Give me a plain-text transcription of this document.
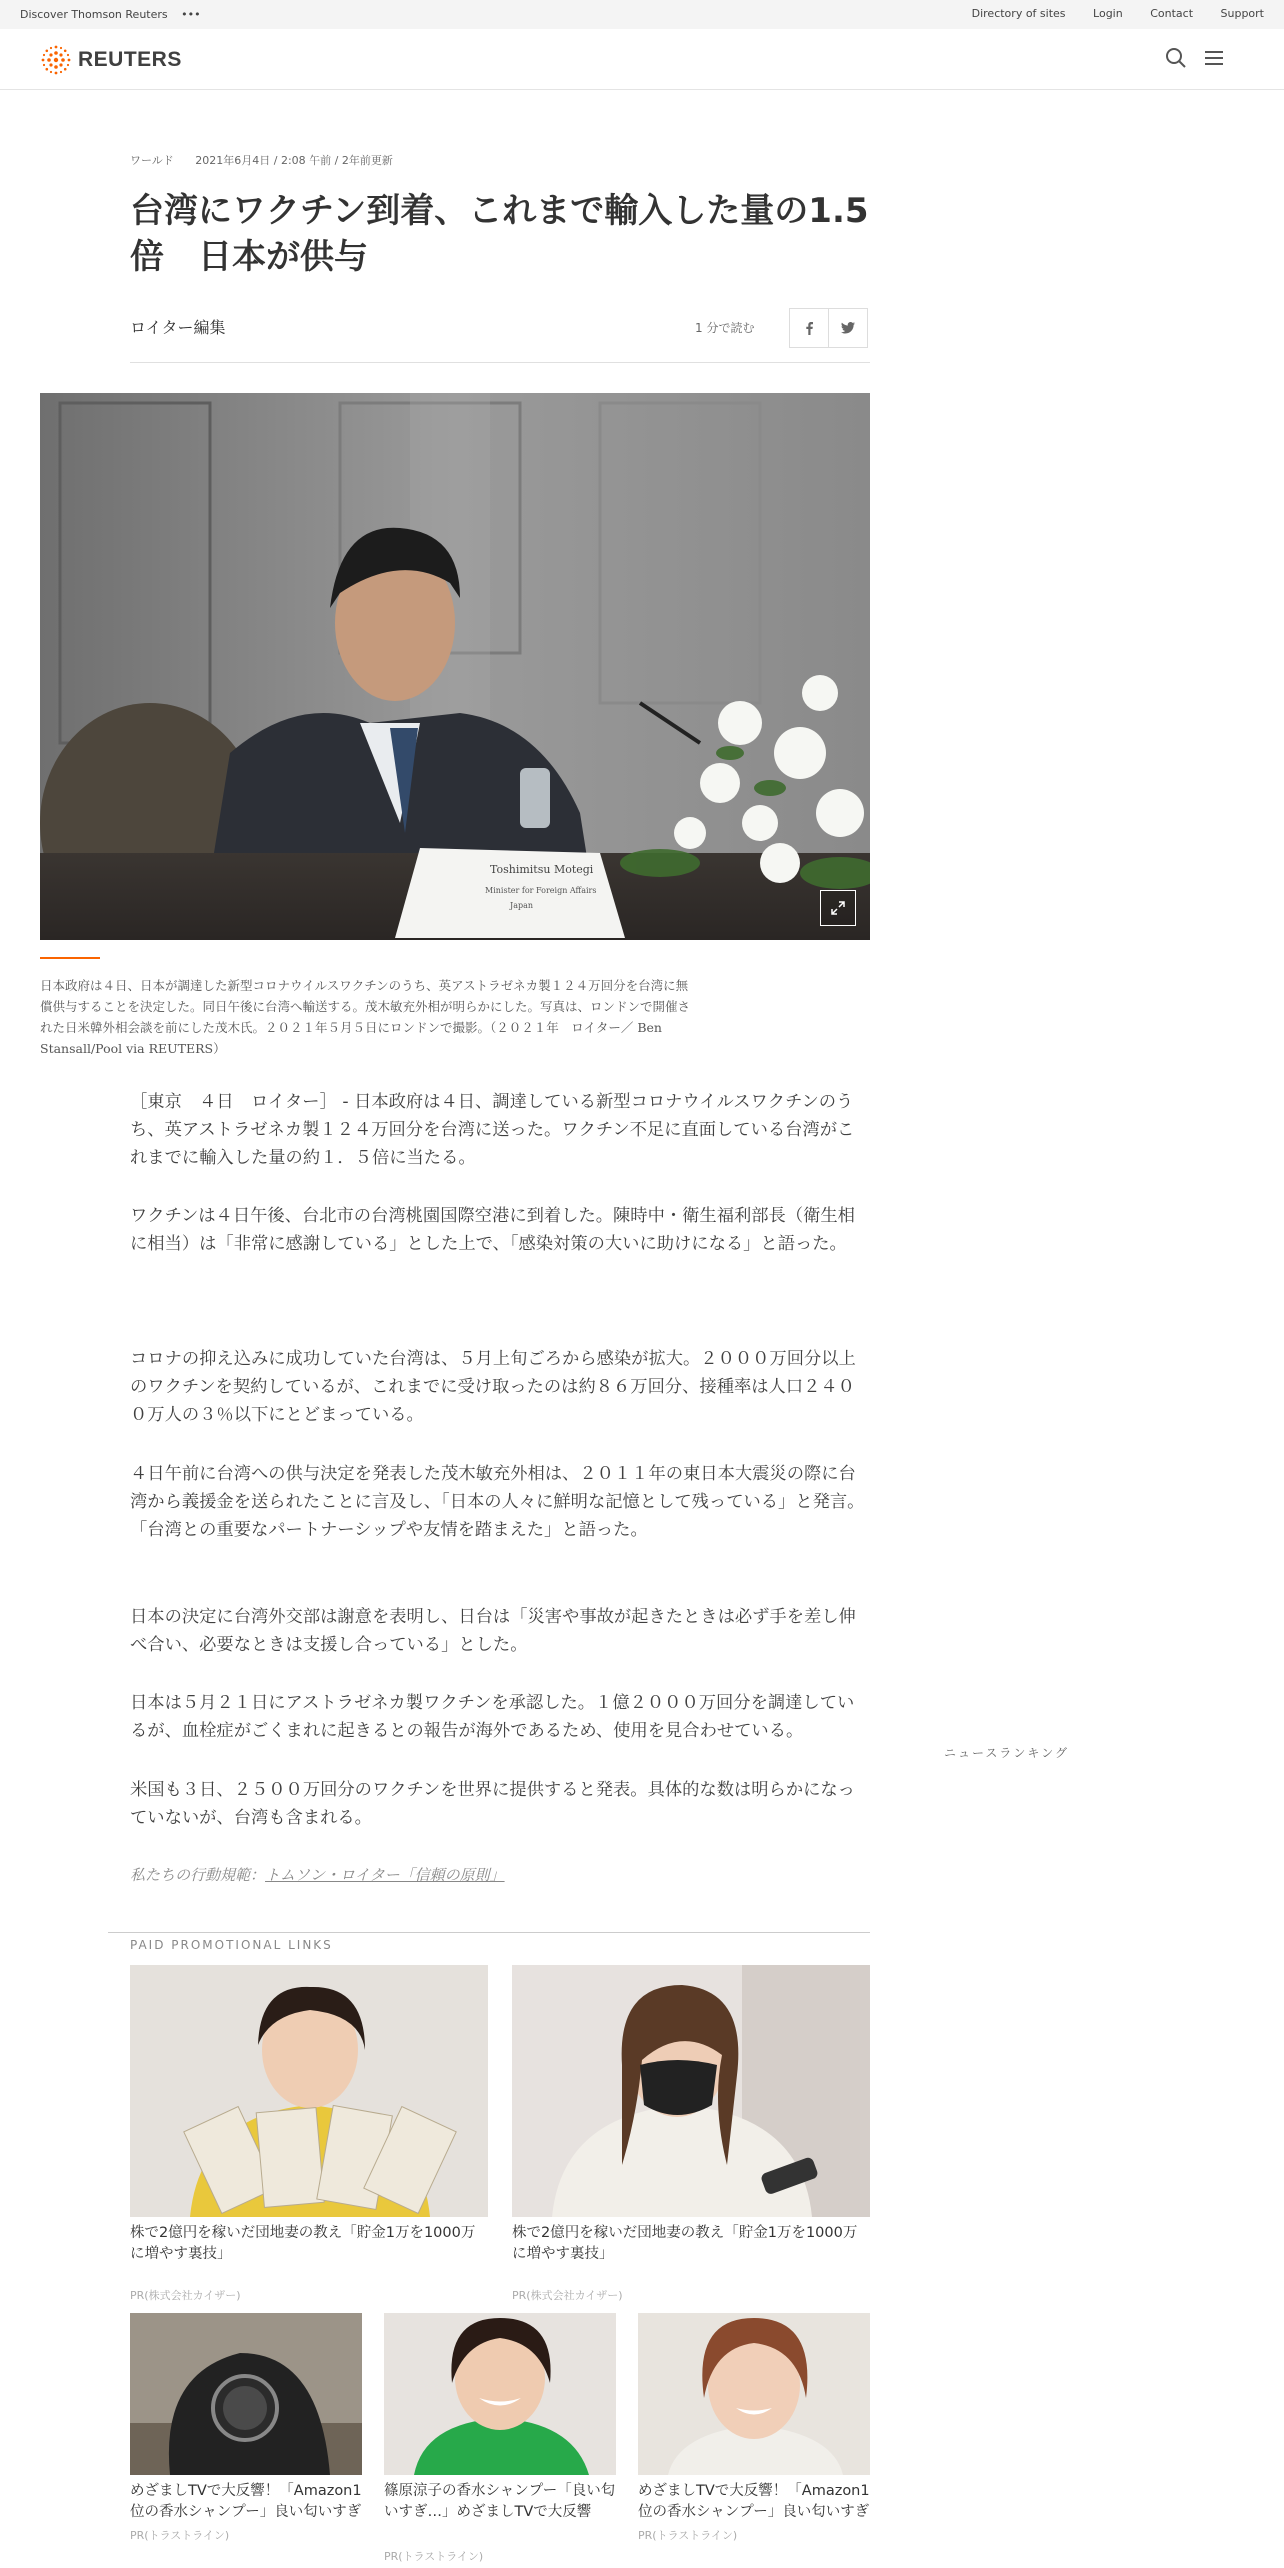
Discover Thomson Reuters •••	Directory of sites	Login	Contact	Support
REUTERS
ワールド 2021年6月4日 / 2:08 午前 / 2年前更新
台湾にワクチン到着、これまで輸入した量の1.5倍　日本が供与
ロイター編集	1 分で読む
Toshimitsu Motegi
Minister for Foreign Affairs
Japan
日本政府は４日、日本が調達した新型コロナウイルスワクチンのうち、英アストラゼネカ製１２４万回分を台湾に無償供与することを決定した。同日午後に台湾へ輸送する。茂木敏充外相が明らかにした。写真は、ロンドンで開催された日米韓外相会談を前にした茂木氏。２０２１年５月５日にロンドンで撮影。（２０２１年　ロイター／ Ben Stansall/Pool via REUTERS）

［東京　４日　ロイター］ - 日本政府は４日、調達している新型コロナウイルスワクチンのうち、英アストラゼネカ製１２４万回分を台湾に送った。ワクチン不足に直面している台湾がこれまでに輸入した量の約１．５倍に当たる。

ワクチンは４日午後、台北市の台湾桃園国際空港に到着した。陳時中・衛生福利部長（衛生相に相当）は「非常に感謝している」とした上で、「感染対策の大いに助けになる」と語った。

コロナの抑え込みに成功していた台湾は、５月上旬ごろから感染が拡大。２０００万回分以上のワクチンを契約しているが、これまでに受け取ったのは約８６万回分、接種率は人口２４００万人の３％以下にとどまっている。

４日午前に台湾への供与決定を発表した茂木敏充外相は、２０１１年の東日本大震災の際に台湾から義援金を送られたことに言及し、「日本の人々に鮮明な記憶として残っている」と発言。「台湾との重要なパートナーシップや友情を踏まえた」と語った。

日本の決定に台湾外交部は謝意を表明し、日台は「災害や事故が起きたときは必ず手を差し伸べ合い、必要なときは支援し合っている」とした。

日本は５月２１日にアストラゼネカ製ワクチンを承認した。１億２０００万回分を調達しているが、血栓症がごくまれに起きるとの報告が海外であるため、使用を見合わせている。

米国も３日、２５００万回分のワクチンを世界に提供すると発表。具体的な数は明らかになっていないが、台湾も含まれる。

私たちの行動規範：トムソン・ロイター「信頼の原則」
ニュースランキング
PAID PROMOTIONAL LINKS
株で2億円を稼いだ団地妻の教え「貯金1万を1000万に増やす裏技」
PR(株式会社カイザー)
株で2億円を稼いだ団地妻の教え「貯金1万を1000万に増やす裏技」
PR(株式会社カイザー)
めざましTVで大反響！「Amazon1位の香水シャンプー」良い匂いすぎ
PR(トラストライン)
篠原涼子の香水シャンプー「良い匂いすぎ…」めざましTVで大反響
PR(トラストライン)
めざましTVで大反響！「Amazon1位の香水シャンプー」良い匂いすぎ
PR(トラストライン)
